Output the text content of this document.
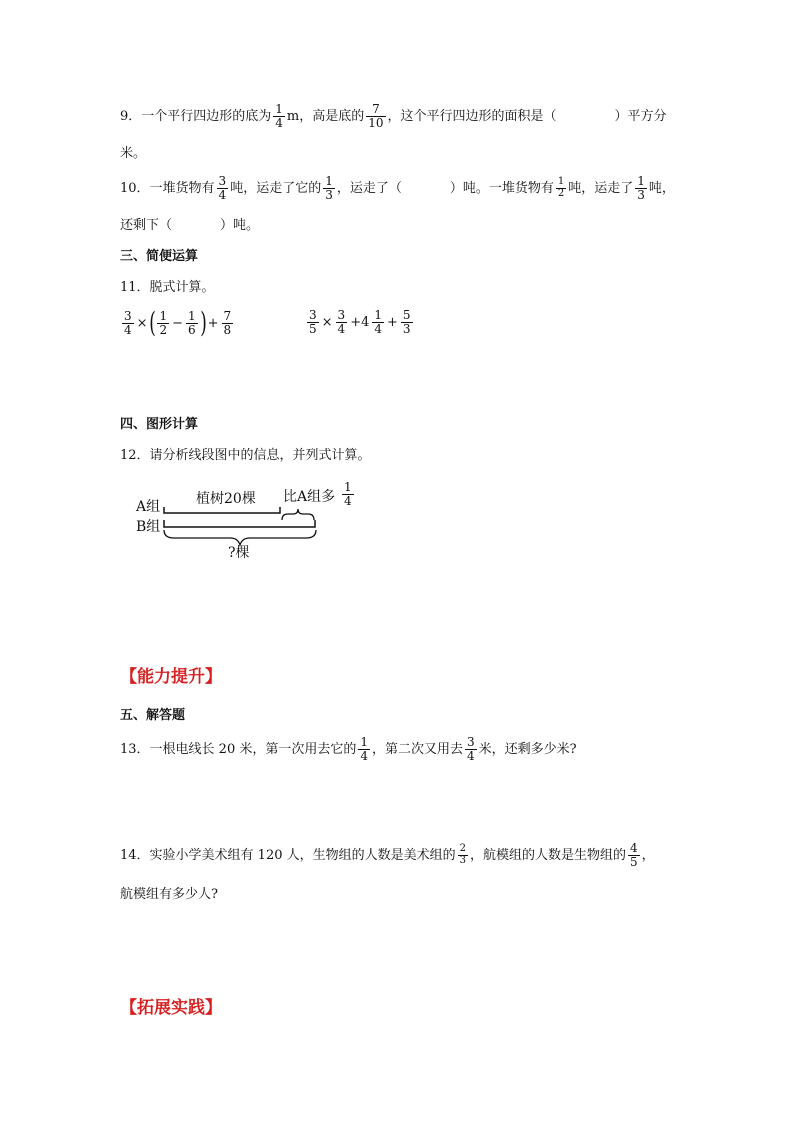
9．一个平行四边形的底为 $\frac{1}{4}$ m，高是底的 $\frac{7}{10}$ ，这个平行四边形的面积是（	）平方分
米。
10．一堆货物有 $\frac{3}{4}$ 吨，运走了它的 $\frac{1}{3}$ ，运走了（	）吨。一堆货物有 $\frac{1}{2}$ 吨，运走了 $\frac{1}{3}$ 吨，
还剩下（	）吨。
三、简便运算
11．脱式计算。
$\frac{3}{4}$ ×( $\frac{1}{2} - \frac{1}{6}$ )+ $\frac{7}{8}$	$\frac{3}{5} \times \frac{3}{4} +4 \frac{1}{4} + \frac{5}{3}$
四、图形计算
12．请分析线段图中的信息，并列式计算。
A组
B组
植树20棵 比A组多 $\frac{1}{4}$
?棵
【能力提升】
五、解答题
13．一根电线长 20 米，第一次用去它的 $\frac{1}{4}$ ，第二次又用去 $\frac{3}{4}$ 米，还剩多少米?
14．实验小学美术组有 120 人，生物组的人数是美术组的 $\frac{2}{3}$ ，航模组的人数是生物组的 $\frac{4}{5}$ ，
航模组有多少人?
【拓展实践】
